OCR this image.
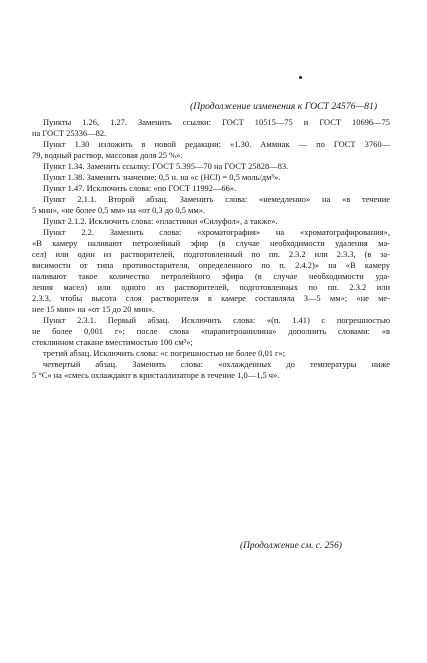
(Продолжение изменения к ГОСТ 24576—81)
Пункты 1.26, 1.27. Заменить ссылки: ГОСТ 10515—75 и ГОСТ 10696—75
на ГОСТ 25336—82.
Пункт 1.30 изложить в новой редакции: «1.30. Аммиак — по ГОСТ 3760—
79, водный раствор, массовая доля 25 %».
Пункт 1.34. Заменить ссылку: ГОСТ 5.395—70 на ГОСТ 25828—83.
Пункт 1.38. Заменить значение: 0,5 н. на «с (HCl) = 0,5 моль/дм³».
Пункт 1.47. Исключить слова: «по ГОСТ 11992—66».
Пункт 2.1.1. Второй абзац. Заменить слова: «немедленно» на «в течение
5 мин», «не более 0,5 мм» на «от 0,3 до 0,5 мм».
Пункт 2.1.2. Исключить слова: «пластинки «Силуфол», а также».
Пункт 2.2. Заменить слова: «хроматография» на «хроматографирования»,
«В камеру наливают петролейный эфир (в случае необходимости удаления ма-
сел) или один из растворителей, подготовленный по пп. 2.3.2 или 2.3.3, (в за-
висимости от типа противостарителя, определенного по п. 2.4.2)» на «В камеру
наливают такое количество петролейного эфира (в случае необходимости уда-
ления масел) или одного из растворителей, подготовленных по пп. 2.3.2 или
2.3.3, чтобы высота слоя растворителя в камере составляла 3—5 мм»; «не ме-
нее 15 мин» на «от 15 до 20 мин».
Пункт 2.3.1. Первый абзац. Исключить слова: «(п. 1.41) с погрешностью
не более 0,001 г»; после слова «парапитроанилина» дополнить словами: «в
стеклянном стакане вместимостью 100 см³»;
третий абзац. Исключить слова: «с погрешностью не более 0,01 г»;
четвертый абзац. Заменить слова: «охлажденных до температуры ниже
5 °С» на «смесь охлаждают в кристаллизаторе в течение 1,0—1,5 ч».
(Продолжение см. с. 256)
